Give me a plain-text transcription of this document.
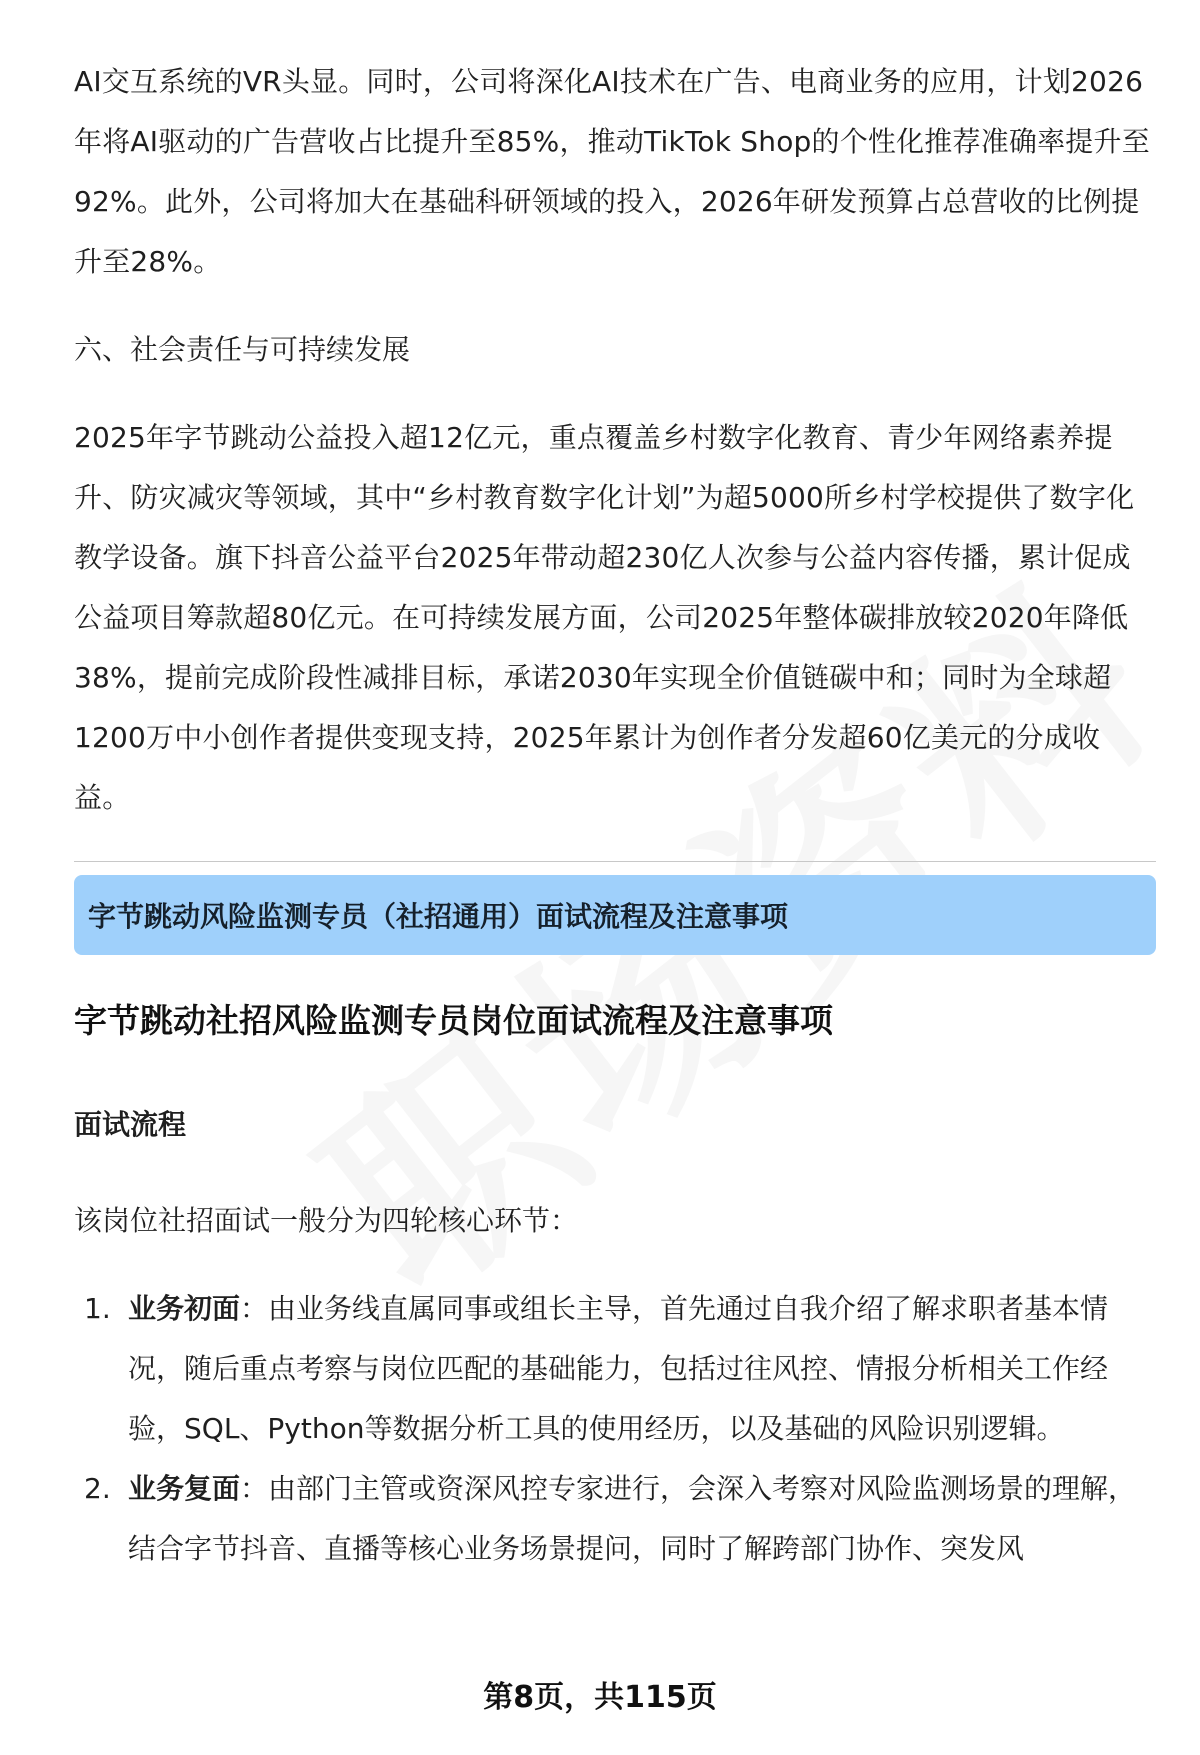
AI交互系统的VR头显。同时，公司将深化AI技术在广告、电商业务的应用，计划2026年将AI驱动的广告营收占比提升至85%，推动TikTok Shop的个性化推荐准确率提升至92%。此外，公司将加大在基础科研领域的投入，2026年研发预算占总营收的比例提升至28%。

六、社会责任与可持续发展

2025年字节跳动公益投入超12亿元，重点覆盖乡村数字化教育、青少年网络素养提升、防灾减灾等领域，其中“乡村教育数字化计划”为超5000所乡村学校提供了数字化教学设备。旗下抖音公益平台2025年带动超230亿人次参与公益内容传播，累计促成公益项目筹款超80亿元。在可持续发展方面，公司2025年整体碳排放较2020年降低38%，提前完成阶段性减排目标，承诺2030年实现全价值链碳中和；同时为全球超1200万中小创作者提供变现支持，2025年累计为创作者分发超60亿美元的分成收益。

字节跳动风险监测专员（社招通用）面试流程及注意事项
字节跳动社招风险监测专员岗位面试流程及注意事项
面试流程

该岗位社招面试一般分为四轮核心环节：

1. 业务初面：由业务线直属同事或组长主导，首先通过自我介绍了解求职者基本情况，随后重点考察与岗位匹配的基础能力，包括过往风控、情报分析相关工作经验，SQL、Python等数据分析工具的使用经历，以及基础的风险识别逻辑。
2. 业务复面：由部门主管或资深风控专家进行，会深入考察对风险监测场景的理解，结合字节抖音、直播等核心业务场景提问，同时了解跨部门协作、突发风
第8页，共115页
